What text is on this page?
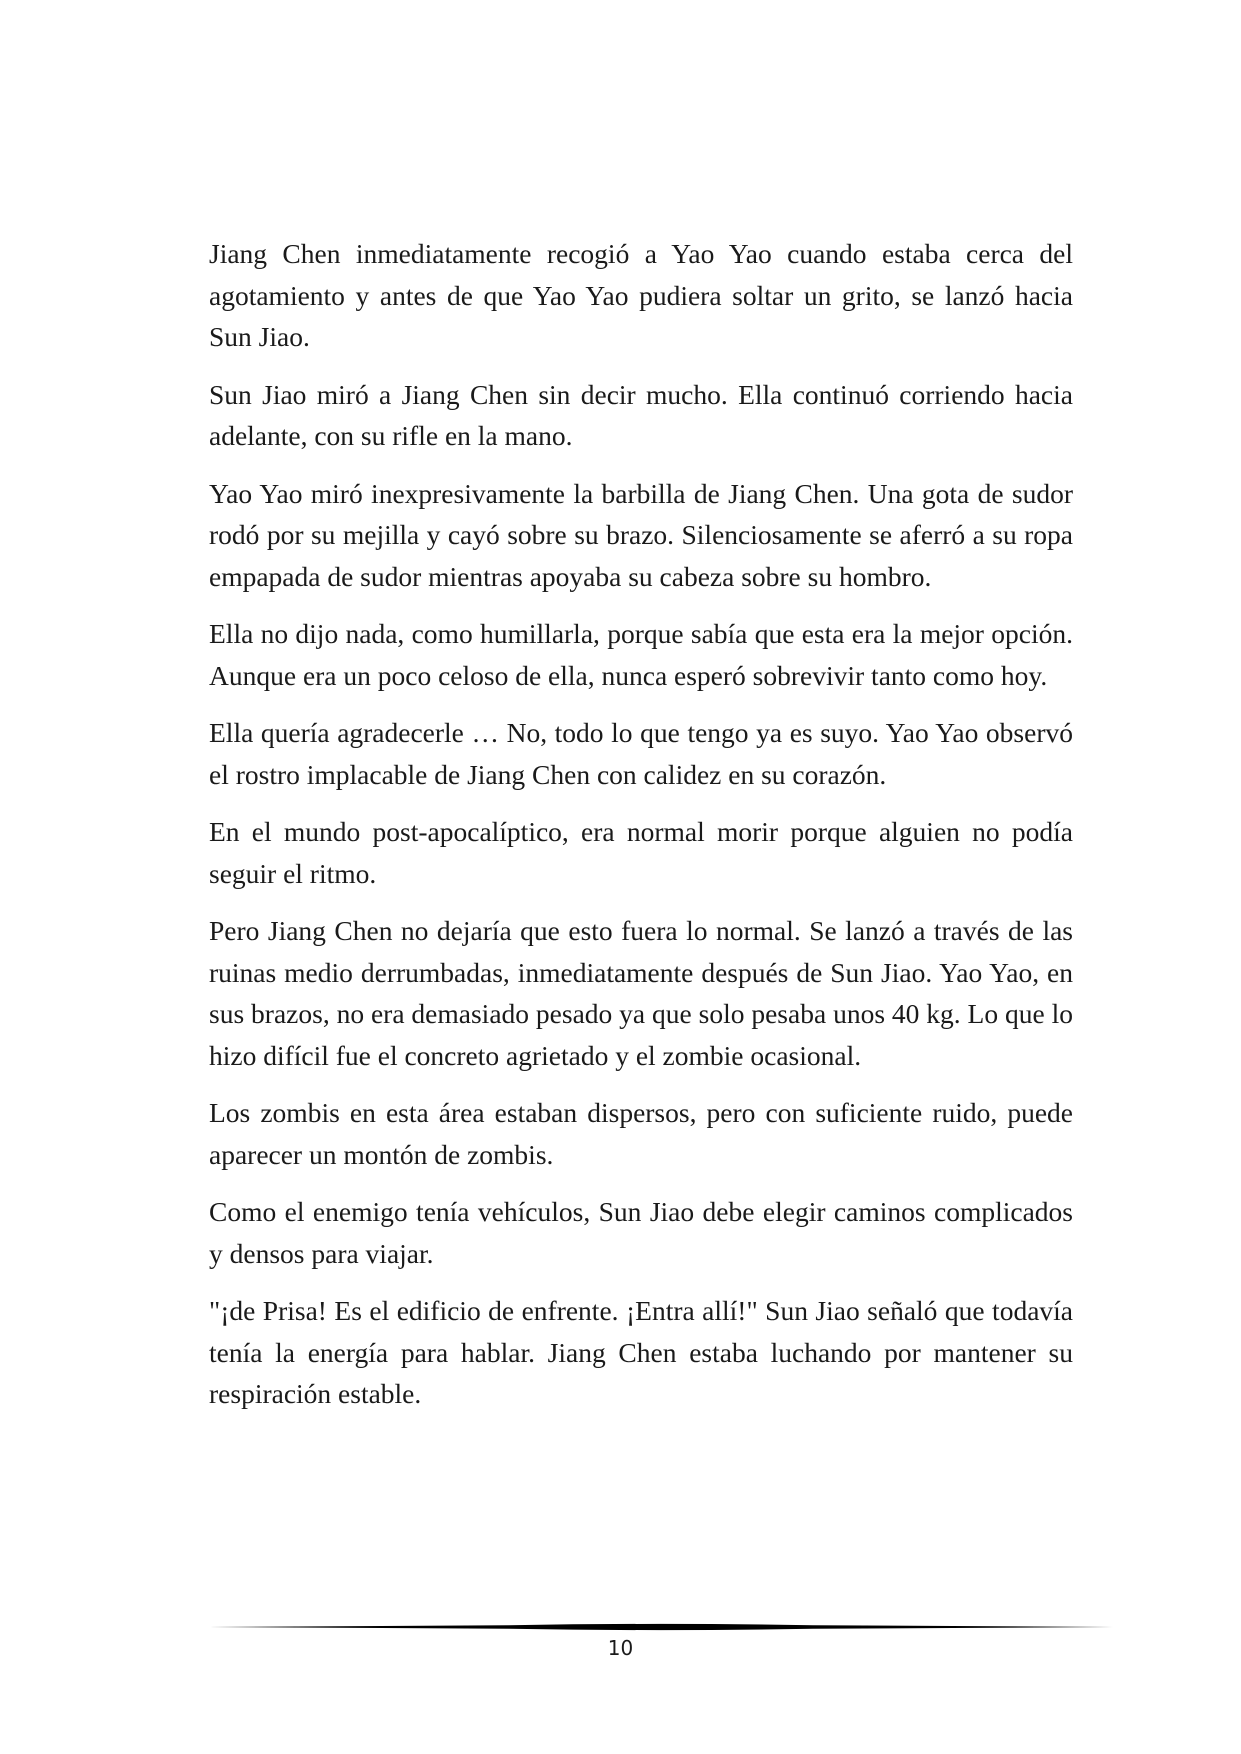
Jiang Chen inmediatamente recogió a Yao Yao cuando estaba cerca del agotamiento y antes de que Yao Yao pudiera soltar un grito, se lanzó hacia Sun Jiao.

Sun Jiao miró a Jiang Chen sin decir mucho. Ella continuó corriendo hacia adelante, con su rifle en la mano.

Yao Yao miró inexpresivamente la barbilla de Jiang Chen. Una gota de sudor rodó por su mejilla y cayó sobre su brazo. Silenciosamente se aferró a su ropa empapada de sudor mientras apoyaba su cabeza sobre su hombro.

Ella no dijo nada, como humillarla, porque sabía que esta era la mejor opción. Aunque era un poco celoso de ella, nunca esperó sobrevivir tanto como hoy.

Ella quería agradecerle … No, todo lo que tengo ya es suyo. Yao Yao observó el rostro implacable de Jiang Chen con calidez en su corazón.

En el mundo post-apocalíptico, era normal morir porque alguien no podía seguir el ritmo.

Pero Jiang Chen no dejaría que esto fuera lo normal. Se lanzó a través de las ruinas medio derrumbadas, inmediatamente después de Sun Jiao. Yao Yao, en sus brazos, no era demasiado pesado ya que solo pesaba unos 40 kg. Lo que lo hizo difícil fue el concreto agrietado y el zombie ocasional.

Los zombis en esta área estaban dispersos, pero con suficiente ruido, puede aparecer un montón de zombis.

Como el enemigo tenía vehículos, Sun Jiao debe elegir caminos complicados y densos para viajar.

"¡de Prisa! Es el edificio de enfrente. ¡Entra allí!" Sun Jiao señaló que todavía tenía la energía para hablar. Jiang Chen estaba luchando por mantener su respiración estable.

10
